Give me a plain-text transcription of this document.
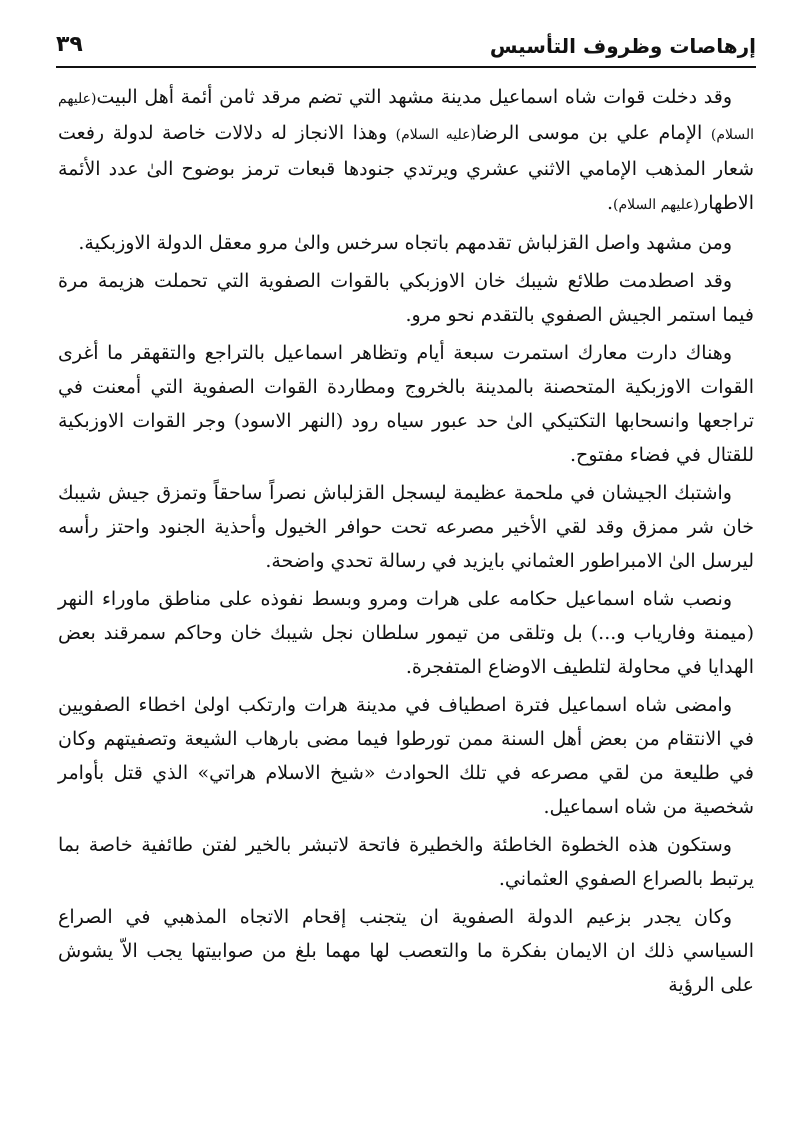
إرهاصات وظروف التأسيس
٣٩

وقد دخلت قوات شاه اسماعيل مدينة مشهد التي تضم مرقد ثامن أئمة أهل البيت(عليهم السلام) الإمام علي بن موسى الرضا(عليه السلام) وهذا الانجاز له دلالات خاصة لدولة رفعت شعار المذهب الإمامي الاثني عشري ويرتدي جنودها قبعات ترمز بوضوح الىٰ عدد الأئمة الاطهار(عليهم السلام).

ومن مشهد واصل القزلباش تقدمهم باتجاه سرخس والىٰ مرو معقل الدولة الاوزبكية.

وقد اصطدمت طلائع شيبك خان الاوزبكي بالقوات الصفوية التي تحملت هزيمة مرة فيما استمر الجيش الصفوي بالتقدم نحو مرو.

وهناك دارت معارك استمرت سبعة أيام وتظاهر اسماعيل بالتراجع والتقهقر ما أغرى القوات الاوزبكية المتحصنة بالمدينة بالخروج ومطاردة القوات الصفوية التي أمعنت في تراجعها وانسحابها التكتيكي الىٰ حد عبور سياه رود (النهر الاسود) وجر القوات الاوزبكية للقتال في فضاء مفتوح.

واشتبك الجيشان في ملحمة عظيمة ليسجل القزلباش نصراً ساحقاً وتمزق جيش شيبك خان شر ممزق وقد لقي الأخير مصرعه تحت حوافر الخيول وأحذية الجنود واحتز رأسه ليرسل الىٰ الامبراطور العثماني بايزيد في رسالة تحدي واضحة.

ونصب شاه اسماعيل حكامه على هرات ومرو وبسط نفوذه على مناطق ماوراء النهر (ميمنة وفارياب و...) بل وتلقى من تيمور سلطان نجل شيبك خان وحاكم سمرقند بعض الهدايا في محاولة لتلطيف الاوضاع المتفجرة.

وامضى شاه اسماعيل فترة اصطياف في مدينة هرات وارتكب اولىٰ اخطاء الصفويين في الانتقام من بعض أهل السنة ممن تورطوا فيما مضى بارهاب الشيعة وتصفيتهم وكان في طليعة من لقي مصرعه في تلك الحوادث «شيخ الاسلام هراتي» الذي قتل بأوامر شخصية من شاه اسماعيل.

وستكون هذه الخطوة الخاطئة والخطيرة فاتحة لاتبشر بالخير لفتن طائفية خاصة بما يرتبط بالصراع الصفوي العثماني.

وكان يجدر بزعيم الدولة الصفوية ان يتجنب إقحام الاتجاه المذهبي في الصراع السياسي ذلك ان الايمان بفكرة ما والتعصب لها مهما بلغ من صوابيتها يجب الاّ يشوش على الرؤية
